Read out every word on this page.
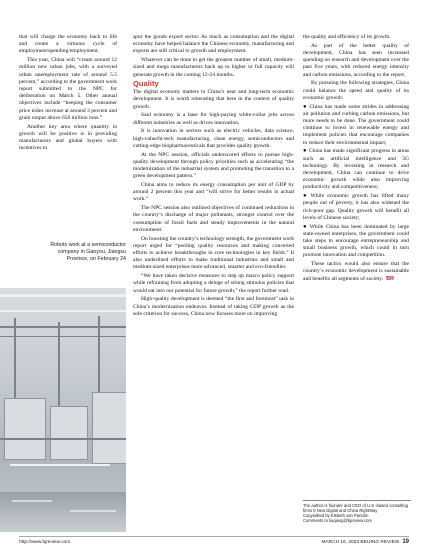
that will charge the economy back to life and create a virtuous cycle of employment/spending/employment.

This year, China will “create around 12 million new urban jobs, with a surveyed urban unemployment rate of around 5.5 percent,” according to the government work report submitted to the NPC for deliberation on March 5. Other annual objectives include “keeping the consumer price index increase at around 3 percent and grain output above 650 million tons.”

Another key area where quantity in growth will be positive is in providing manufacturers and global buyers with incentives to

Robots work at a semiconductor company in Gaoyou, Jiangsu Province, on February 24

spur the goods export sector. As much as consumption and the digital economy have helped balance the Chinese economy, manufacturing and exports are still critical to growth and employment.

Whatever can be done to get the greatest number of small, medium-sized and mega manufacturers back up to higher or full capacity will generate growth in the coming 12-24 months.

Quality

The digital economy matters to China’s near and long-term economic development. It is worth reiterating that here in the context of quality growth.

Said economy is a base for high-paying white-collar jobs across different industries as well as drives innovation.

It is innovation in sectors such as electric vehicles, data science, high-value/hi-tech manufacturing, clean energy, semiconductors and cutting-edge biopharmaceuticals that provides quality growth.

At the NPC session, officials underscored efforts to pursue high-quality development through policy priorities such as accelerating “the modernization of the industrial system and promoting the transition to a green development pattern.”

China aims to reduce its energy consumption per unit of GDP by around 2 percent this year and “will strive for better results in actual work.”

The NPC session also outlined objectives of continued reductions in the country’s discharge of major pollutants, stronger control over the consumption of fossil fuels and steady improvements in the natural environment.

On boosting the country’s technology strength, the government work report urged for “pooling quality resources and making concerted efforts to achieve breakthroughs in core technologies in key fields.” It also underlined efforts to make traditional industries and small and medium-sized enterprises more advanced, smarter and eco-friendlier.

“We have taken decisive measures to step up macro policy support while refraining from adopting a deluge of strong stimulus policies that would eat into our potential for future growth,” the report further read.

High-quality development is deemed “the first and foremost” task in China’s modernization endeavor. Instead of taking GDP growth as the sole criterion for success, China now focuses more on improving

the quality and efficiency of its growth.

As part of the better quality of development, China has seen increased spending on research and development over the past five years, with reduced energy intensity and carbon emissions, according to the report.

By pursuing the following strategies, China could balance the speed and quality of its economic growth:

● China has made some strides in addressing air pollution and curbing carbon emissions, but more needs to be done. The government could continue to invest in renewable energy and implement policies that encourage companies to reduce their environmental impact;

● China has made significant progress in areas such as artificial intelligence and 5G technology. By investing in research and development, China can continue to drive economic growth while also improving productivity and competitiveness;

● While economic growth has lifted many people out of poverty, it has also widened the rich-poor gap. Quality growth will benefit all levels of Chinese society;

● While China has been dominated by large state-owned enterprises, the government could take steps to encourage entrepreneurship and small business growth, which could in turn promote innovation and competition.

These tactics would also ensure that the country’s economic development is sustainable and benefits all segments of society. BR

The author is founder and CEO of U.S.-based consulting firms 5 New Digital and China RightWay
Copyedited by Elsbeth van Paridon
Comments to liuqiang@bjreview.com
http://www.bjreview.com	MARCH 16, 2023 BEIJING REVIEW 19
